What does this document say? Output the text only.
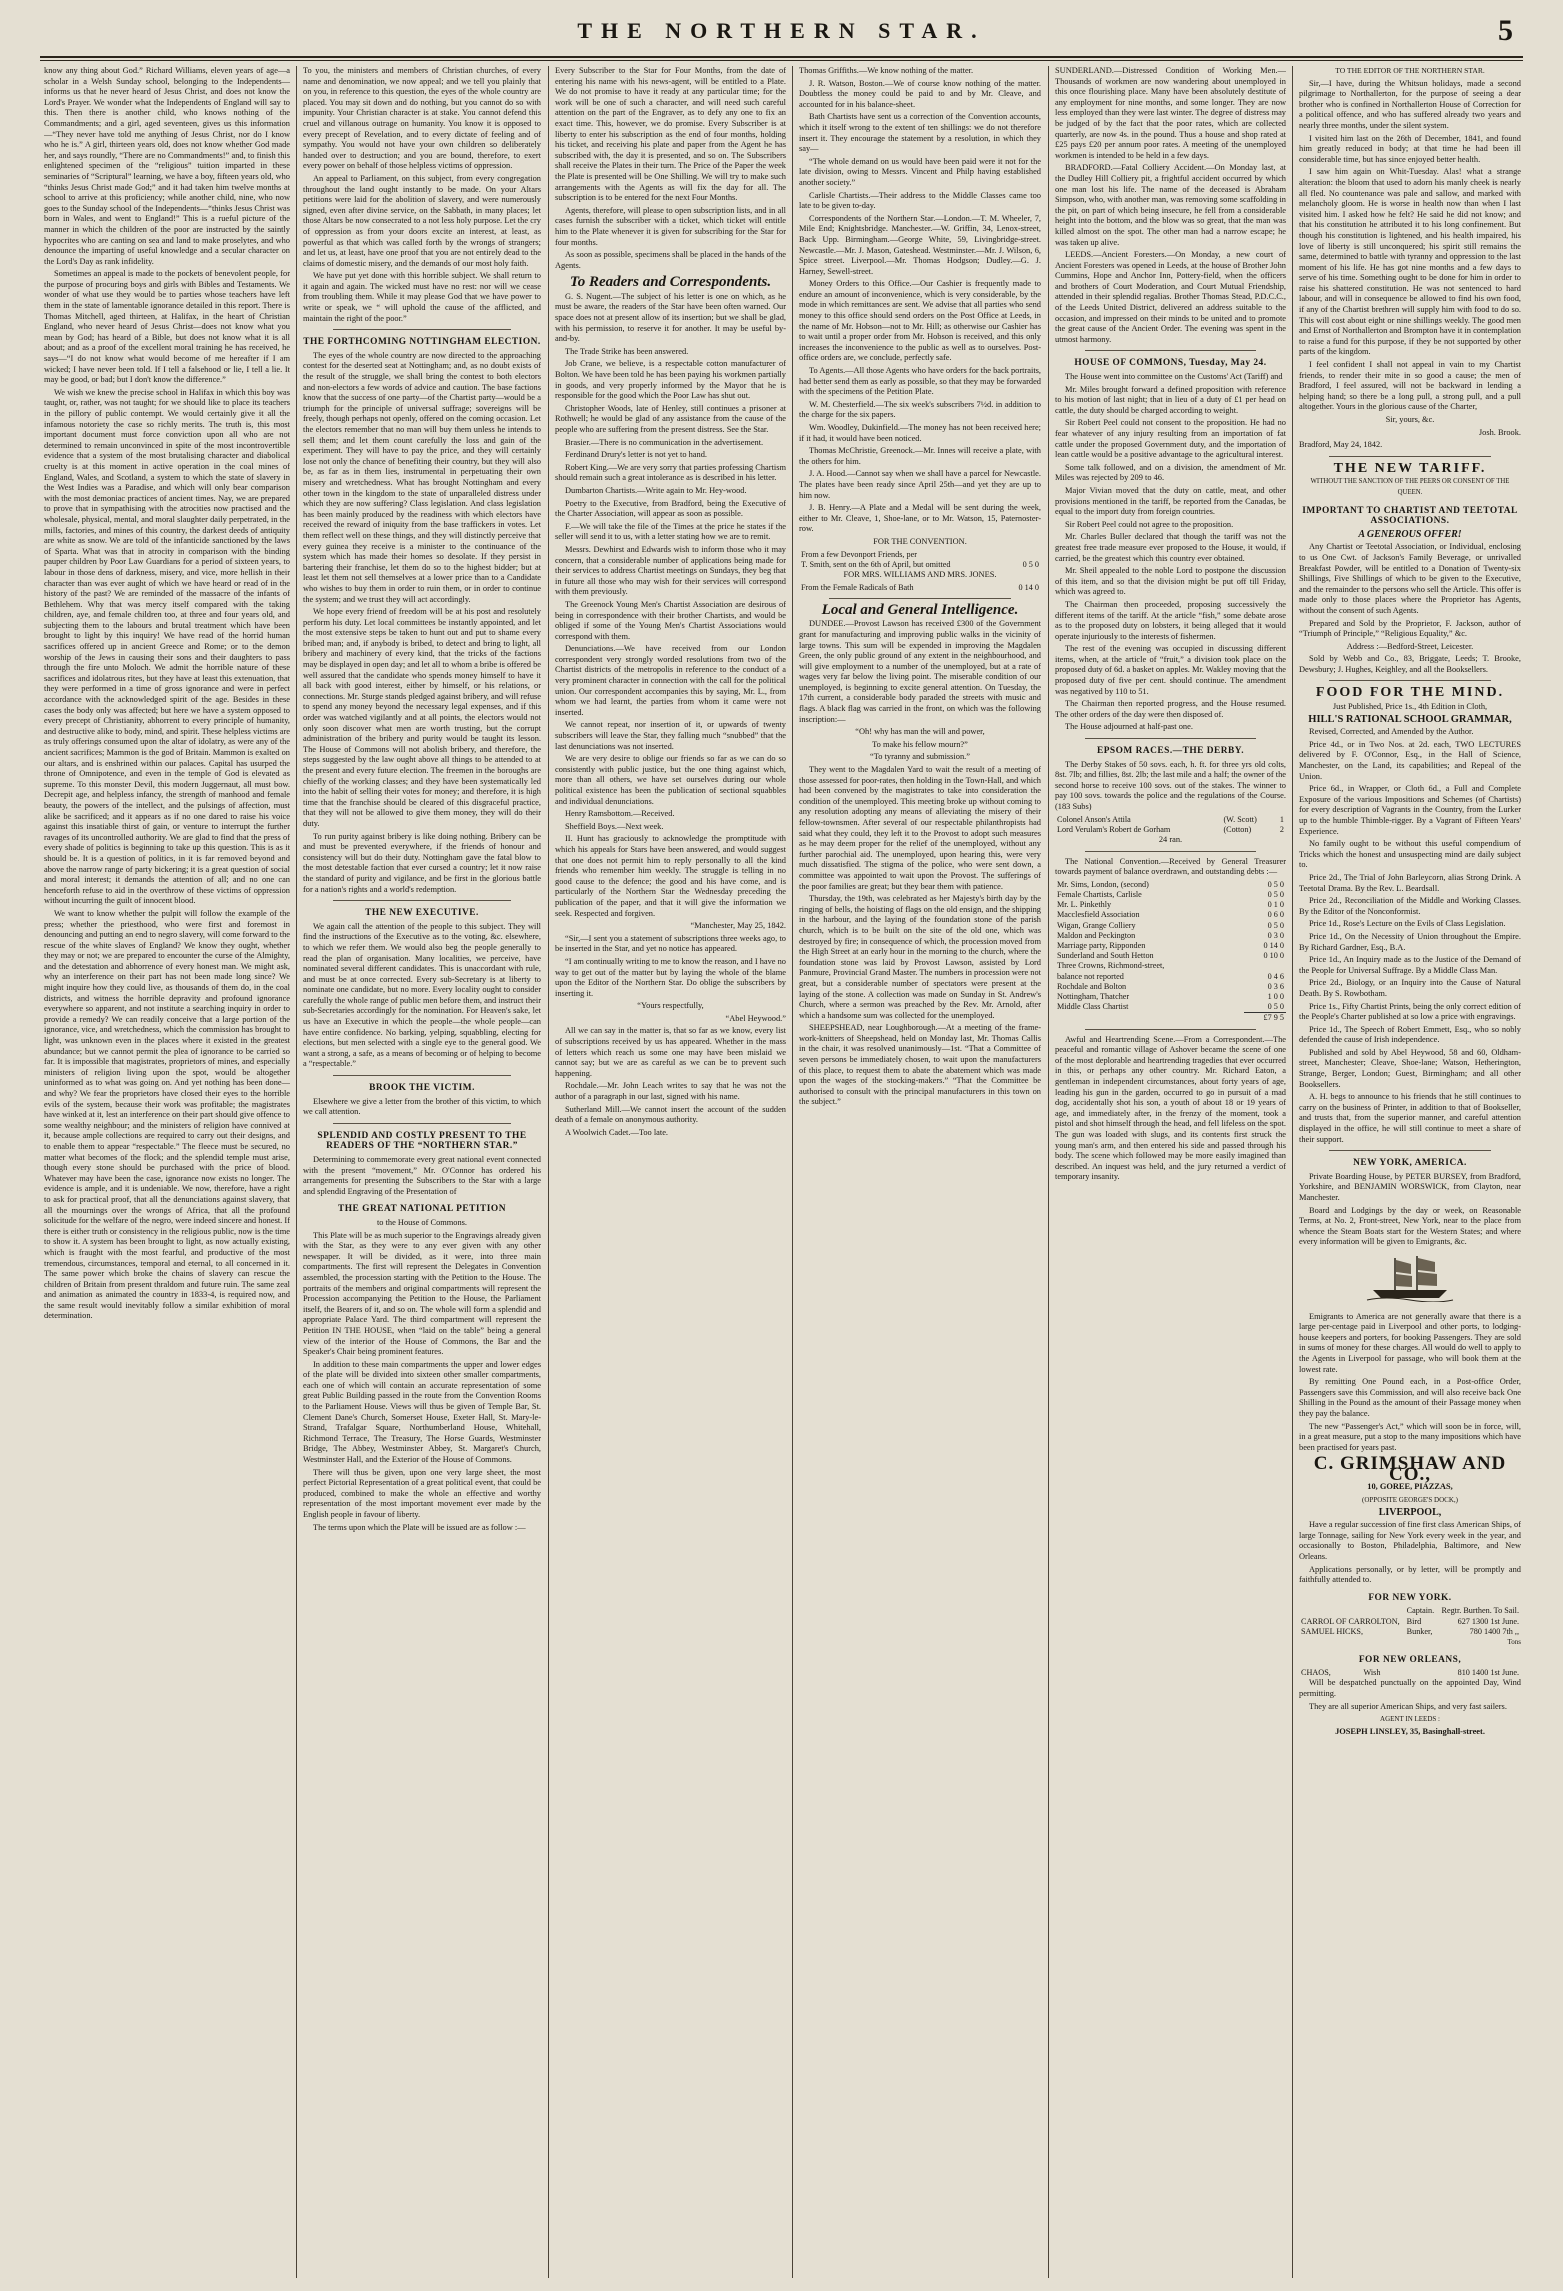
THE NORTHERN STAR.	5

know any thing about God.” Richard Williams, eleven years of age—a scholar in a Welsh Sunday school, belonging to the Independents—informs us that he never heard of Jesus Christ, and does not know the Lord's Prayer. We wonder what the Independents of England will say to this. Then there is another child, who knows nothing of the Commandments; and a girl, aged seventeen, gives us this information—“They never have told me anything of Jesus Christ, nor do I know who he is.” A girl, thirteen years old, does not know whether God made her, and says roundly, “There are no Commandments!” and, to finish this enlightened specimen of the “religious” tuition imparted in these seminaries of “Scriptural” learning, we have a boy, fifteen years old, who “thinks Jesus Christ made God;” and it had taken him twelve months at school to arrive at this proficiency; while another child, nine, who now goes to the Sunday school of the Independents—“thinks Jesus Christ was born in Wales, and went to England!” This is a rueful picture of the manner in which the children of the poor are instructed by the saintly hypocrites who are canting on sea and land to make proselytes, and who denounce the imparting of useful knowledge and a secular character on the Lord's Day as rank infidelity.

Sometimes an appeal is made to the pockets of benevolent people, for the purpose of procuring boys and girls with Bibles and Testaments. We wonder of what use they would be to parties whose teachers have left them in the state of lamentable ignorance detailed in this report. There is Thomas Mitchell, aged thirteen, at Halifax, in the heart of Christian England, who never heard of Jesus Christ—does not know what you mean by God; has heard of a Bible, but does not know what it is all about; and as a proof of the excellent moral training he has received, he says—“I do not know what would become of me hereafter if I am wicked; I have never been told. If I tell a falsehood or lie, I tell a lie. It may be good, or bad; but I don't know the difference.”

We wish we knew the precise school in Halifax in which this boy was taught, or, rather, was not taught; for we should like to place its teachers in the pillory of public contempt. We would certainly give it all the infamous notoriety the case so richly merits. The truth is, this most important document must force conviction upon all who are not determined to remain unconvinced in spite of the most incontrovertible evidence that a system of the most brutalising character and diabolical cruelty is at this moment in active operation in the coal mines of England, Wales, and Scotland, a system to which the state of slavery in the West Indies was a Paradise, and which will only bear comparison with the most demoniac practices of ancient times. Nay, we are prepared to prove that in sympathising with the atrocities now practised and the wholesale, physical, mental, and moral slaughter daily perpetrated, in the mills, factories, and mines of this country, the darkest deeds of antiquity are white as snow. We are told of the infanticide sanctioned by the laws of Sparta. What was that in atrocity in comparison with the binding pauper children by Poor Law Guardians for a period of sixteen years, to labour in those dens of darkness, misery, and vice, more hellish in their character than was ever aught of which we have heard or read of in the history of the past? We are reminded of the massacre of the infants of Bethlehem. Why that was mercy itself compared with the taking children, aye, and female children too, at three and four years old, and subjecting them to the labours and brutal treatment which have been brought to light by this inquiry! We have read of the horrid human sacrifices offered up in ancient Greece and Rome; or to the demon worship of the Jews in causing their sons and their daughters to pass through the fire unto Moloch. We admit the horrible nature of these sacrifices and idolatrous rites, but they have at least this extenuation, that they were performed in a time of gross ignorance and were in perfect accordance with the acknowledged spirit of the age. Besides in these cases the body only was affected; but here we have a system opposed to every precept of Christianity, abhorrent to every principle of humanity, and destructive alike to body, mind, and spirit. These helpless victims are as truly offerings consumed upon the altar of idolatry, as were any of the ancient sacrifices; Mammon is the god of Britain. Mammon is exalted on our altars, and is enshrined within our palaces. Capital has usurped the throne of Omnipotence, and even in the temple of God is elevated as supreme. To this monster Devil, this modern Juggernaut, all must bow. Decrepit age, and helpless infancy, the strength of manhood and female beauty, the powers of the intellect, and the pulsings of affection, must alike be sacrificed; and it appears as if no one dared to raise his voice against this insatiable thirst of gain, or venture to interrupt the further ravages of its uncontrolled authority. We are glad to find that the press of every shade of politics is beginning to take up this question. This is as it should be. It is a question of politics, in it is far removed beyond and above the narrow range of party bickering; it is a great question of social and moral interest; it demands the attention of all; and no one can henceforth refuse to aid in the overthrow of these victims of oppression without incurring the guilt of innocent blood.

We want to know whether the pulpit will follow the example of the press; whether the priesthood, who were first and foremost in denouncing and putting an end to negro slavery, will come forward to the rescue of the white slaves of England? We know they ought, whether they may or not; we are prepared to encounter the curse of the Almighty, and the detestation and abhorrence of every honest man. We might ask, why an interference on their part has not been made long since? We might inquire how they could live, as thousands of them do, in the coal districts, and witness the horrible depravity and profound ignorance everywhere so apparent, and not institute a searching inquiry in order to provide a remedy? We can readily conceive that a large portion of the ignorance, vice, and wretchedness, which the commission has brought to light, was unknown even in the places where it existed in the greatest abundance; but we cannot permit the plea of ignorance to be carried so far. It is impossible that magistrates, proprietors of mines, and especially ministers of religion living upon the spot, would be altogether uninformed as to what was going on. And yet nothing has been done—and why? We fear the proprietors have closed their eyes to the horrible evils of the system, because their work was profitable; the magistrates have winked at it, lest an interference on their part should give offence to some wealthy neighbour; and the ministers of religion have connived at it, because ample collections are required to carry out their designs, and to enable them to appear “respectable.” The fleece must be secured, no matter what becomes of the flock; and the splendid temple must arise, though every stone should be purchased with the price of blood. Whatever may have been the case, ignorance now exists no longer. The evidence is ample, and it is undeniable. We now, therefore, have a right to ask for practical proof, that all the denunciations against slavery, that all the mournings over the wrongs of Africa, that all the profound solicitude for the welfare of the negro, were indeed sincere and honest. If there is either truth or consistency in the religious public, now is the time to show it. A system has been brought to light, as now actually existing, which is fraught with the most fearful, and productive of the most tremendous, circumstances, temporal and eternal, to all concerned in it. The same power which broke the chains of slavery can rescue the children of Britain from present thraldom and future ruin. The same zeal and animation as animated the country in 1833-4, is required now, and the same result would inevitably follow a similar exhibition of moral determination.

To you, the ministers and members of Christian churches, of every name and denomination, we now appeal; and we tell you plainly that on you, in reference to this question, the eyes of the whole country are placed. You may sit down and do nothing, but you cannot do so with impunity. Your Christian character is at stake. You cannot defend this cruel and villanous outrage on humanity. You know it is opposed to every precept of Revelation, and to every dictate of feeling and of sympathy. You would not have your own children so deliberately handed over to destruction; and you are bound, therefore, to exert every power on behalf of those helpless victims of oppression.

An appeal to Parliament, on this subject, from every congregation throughout the land ought instantly to be made. On your Altars petitions were laid for the abolition of slavery, and were numerously signed, even after divine service, on the Sabbath, in many places; let those Altars be now consecrated to a not less holy purpose. Let the cry of oppression as from your doors excite an interest, at least, as powerful as that which was called forth by the wrongs of strangers; and let us, at least, have one proof that you are not entirely dead to the claims of domestic misery, and the demands of our most holy faith.

We have put yet done with this horrible subject. We shall return to it again and again. The wicked must have no rest: nor will we cease from troubling them. While it may please God that we have power to write or speak, we “ will uphold the cause of the afflicted, and maintain the right of the poor.”

THE FORTHCOMING NOTTINGHAM ELECTION.

The eyes of the whole country are now directed to the approaching contest for the deserted seat at Nottingham; and, as no doubt exists of the result of the struggle, we shall bring the contest to both electors and non-electors a few words of advice and caution. The base factions know that the success of one party—of the Chartist party—would be a triumph for the principle of universal suffrage; sovereigns will be freely, though perhaps not openly, offered on the coming occasion. Let the electors remember that no man will buy them unless he intends to sell them; and let them count carefully the loss and gain of the experiment. They will have to pay the price, and they will certainly lose not only the chance of benefiting their country, but they will also be, as far as in them lies, instrumental in perpetuating their own misery and wretchedness. What has brought Nottingham and every other town in the kingdom to the state of unparalleled distress under which they are now suffering? Class legislation. And class legislation has been mainly produced by the readiness with which electors have received the reward of iniquity from the base traffickers in votes. Let them reflect well on these things, and they will distinctly perceive that every guinea they receive is a minister to the continuance of the system which has made their homes so desolate. If they persist in bartering their franchise, let them do so to the highest bidder; but at least let them not sell themselves at a lower price than to a Candidate who wishes to buy them in order to ruin them, or in order to continue the system; and we trust they will act accordingly.

We hope every friend of freedom will be at his post and resolutely perform his duty. Let local committees be instantly appointed, and let the most extensive steps be taken to hunt out and put to shame every bribed man; and, if anybody is bribed, to detect and bring to light, all bribery and machinery of every kind, that the tricks of the factions may be displayed in open day; and let all to whom a bribe is offered be well assured that the candidate who spends money himself to have it all back with good interest, either by himself, or his relations, or connections. Mr. Sturge stands pledged against bribery, and will refuse to spend any money beyond the necessary legal expenses, and if this order was watched vigilantly and at all points, the electors would not only soon discover what men are worth trusting, but the corrupt administration of the bribery and purity would be taught its lesson. The House of Commons will not abolish bribery, and therefore, the steps suggested by the law ought above all things to be attended to at the present and every future election. The freemen in the boroughs are chiefly of the working classes; and they have been systematically led into the habit of selling their votes for money; and therefore, it is high time that the franchise should be cleared of this disgraceful practice, that they will not be allowed to give them money, they will do their duty.

To run purity against bribery is like doing nothing. Bribery can be and must be prevented everywhere, if the friends of honour and consistency will but do their duty. Nottingham gave the fatal blow to the most detestable faction that ever cursed a country; let it now raise the standard of purity and vigilance, and be first in the glorious battle for a nation's rights and a world's redemption.

THE NEW EXECUTIVE.

We again call the attention of the people to this subject. They will find the instructions of the Executive as to the voting, &c. elsewhere, to which we refer them. We would also beg the people generally to read the plan of organisation. Many localities, we perceive, have nominated several different candidates. This is unaccordant with rule, and must be at once corrected. Every sub-Secretary is at liberty to nominate one candidate, but no more. Every locality ought to consider carefully the whole range of public men before them, and instruct their sub-Secretaries accordingly for the nomination. For Heaven's sake, let us have an Executive in which the people—the whole people—can have entire confidence. No barking, yelping, squabbling, electing for elections, but men selected with a single eye to the general good. We want a strong, a safe, as a means of becoming or of helping to become a “respectable.”

BROOK THE VICTIM.

Elsewhere we give a letter from the brother of this victim, to which we call attention.

SPLENDID AND COSTLY PRESENT TO THE READERS OF THE “NORTHERN STAR.”

Determining to commemorate every great national event connected with the present “movement,” Mr. O'Connor has ordered his arrangements for presenting the Subscribers to the Star with a large and splendid Engraving of the Presentation of

THE GREAT NATIONAL PETITION

to the House of Commons.

This Plate will be as much superior to the Engravings already given with the Star, as they were to any ever given with any other newspaper. It will be divided, as it were, into three main compartments. The first will represent the Delegates in Convention assembled, the procession starting with the Petition to the House. The portraits of the members and original compartments will represent the Procession accompanying the Petition to the House, the Parliament itself, the Bearers of it, and so on. The whole will form a splendid and appropriate Palace Yard. The third compartment will represent the Petition IN THE HOUSE, when “laid on the table” being a general view of the interior of the House of Commons, the Bar and the Speaker's Chair being prominent features.

In addition to these main compartments the upper and lower edges of the plate will be divided into sixteen other smaller compartments, each one of which will contain an accurate representation of some great Public Building passed in the route from the Convention Rooms to the Parliament House. Views will thus be given of Temple Bar, St. Clement Dane's Church, Somerset House, Exeter Hall, St. Mary-le-Strand, Trafalgar Square, Northumberland House, Whitehall, Richmond Terrace, The Treasury, The Horse Guards, Westminster Bridge, The Abbey, Westminster Abbey, St. Margaret's Church, Westminster Hall, and the Exterior of the House of Commons.

There will thus be given, upon one very large sheet, the most perfect Pictorial Representation of a great political event, that could be produced, combined to make the whole an effective and worthy representation of the most important movement ever made by the English people in favour of liberty.

The terms upon which the Plate will be issued are as follow :—

Every Subscriber to the Star for Four Months, from the date of entering his name with his news-agent, will be entitled to a Plate. We do not promise to have it ready at any particular time; for the work will be one of such a character, and will need such careful attention on the part of the Engraver, as to defy any one to fix an exact time. This, however, we do promise. Every Subscriber is at liberty to enter his subscription as the end of four months, holding his ticket, and receiving his plate and paper from the Agent he has subscribed with, the day it is presented, and so on. The Subscribers shall receive the Plates in their turn. The Price of the Paper the week the Plate is presented will be One Shilling. We will try to make such arrangements with the Agents as will fix the day for all. The subscription is to be entered for the next Four Months.

Agents, therefore, will please to open subscription lists, and in all cases furnish the subscriber with a ticket, which ticket will entitle him to the Plate whenever it is given for subscribing for the Star for four months.

As soon as possible, specimens shall be placed in the hands of the Agents.

To Readers and Correspondents.

G. S. Nugent.—The subject of his letter is one on which, as he must be aware, the readers of the Star have been often warned. Our space does not at present allow of its insertion; but we shall be glad, with his permission, to reserve it for another. It may be useful by-and-by.

The Trade Strike has been answered.

Job Crane, we believe, is a respectable cotton manufacturer of Bolton. We have been told he has been paying his workmen partially in goods, and very properly informed by the Mayor that he is responsible for the good which the Poor Law has shut out.

Christopher Woods, late of Henley, still continues a prisoner at Rothwell; he would be glad of any assistance from the cause of the people who are suffering from the present distress. See the Star.

Brasier.—There is no communication in the advertisement.

Ferdinand Drury's letter is not yet to hand.

Robert King.—We are very sorry that parties professing Chartism should remain such a great intolerance as is described in his letter.

Dumbarton Chartists.—Write again to Mr. Hey-wood.

Poetry to the Executive, from Bradford, being the Executive of the Charter Association, will appear as soon as possible.

F.—We will take the file of the Times at the price he states if the seller will send it to us, with a letter stating how we are to remit.

Messrs. Dewhirst and Edwards wish to inform those who it may concern, that a considerable number of applications being made for their services to address Chartist meetings on Sundays, they beg that in future all those who may wish for their services will correspond with them previously.

The Greenock Young Men's Chartist Association are desirous of being in correspondence with their brother Chartists, and would be obliged if some of the Young Men's Chartist Associations would correspond with them.

Denunciations.—We have received from our London correspondent very strongly worded resolutions from two of the Chartist districts of the metropolis in reference to the conduct of a very prominent character in connection with the call for the political union. Our correspondent accompanies this by saying, Mr. L., from whom we had learnt, the parties from whom it came were not inserted.

We cannot repeat, nor insertion of it, or upwards of twenty subscribers will leave the Star, they falling much “snubbed” that the last denunciations was not inserted.

We are very desire to oblige our friends so far as we can do so consistently with public justice, but the one thing against which, more than all others, we have set ourselves during our whole political existence has been the publication of sectional squabbles and individual denunciations.

Henry Ramsbottom.—Received.

Sheffield Boys.—Next week.

II. Hunt has graciously to acknowledge the promptitude with which his appeals for Stars have been answered, and would suggest that one does not permit him to reply personally to all the kind friends who remember him weekly. The struggle is telling in no good cause to the defence; the good and his have come, and is particularly of the Northern Star the Wednesday preceding the publication of the paper, and that it will give the information we seek. Respected and forgiven.

“Manchester, May 25, 1842.

“Sir,—I sent you a statement of subscriptions three weeks ago, to be inserted in the Star, and yet no notice has appeared.

“I am continually writing to me to know the reason, and I have no way to get out of the matter but by laying the whole of the blame upon the Editor of the Northern Star. Do oblige the subscribers by inserting it.

“Yours respectfully,

“Abel Heywood.”

All we can say in the matter is, that so far as we know, every list of subscriptions received by us has appeared. Whether in the mass of letters which reach us some one may have been mislaid we cannot say; but we are as careful as we can be to prevent such happening.

Rochdale.—Mr. John Leach writes to say that he was not the author of a paragraph in our last, signed with his name.

Sutherland Mill.—We cannot insert the account of the sudden death of a female on anonymous authority.

A Woolwich Cadet.—Too late.

Thomas Griffiths.—We know nothing of the matter.

J. R. Watson, Boston.—We of course know nothing of the matter. Doubtless the money could be paid to and by Mr. Cleave, and accounted for in his balance-sheet.

Bath Chartists have sent us a correction of the Convention accounts, which it itself wrong to the extent of ten shillings: we do not therefore insert it. They encourage the statement by a resolution, in which they say—

“The whole demand on us would have been paid were it not for the late division, owing to Messrs. Vincent and Philp having established another society.”

Carlisle Chartists.—Their address to the Middle Classes came too late to be given to-day.

Correspondents of the Northern Star.—London.—T. M. Wheeler, 7, Mile End; Knightsbridge. Manchester.—W. Griffin, 34, Lenox-street, Back Upp. Birmingham.—George White, 59, Livingbridge-street. Newcastle.—Mr. J. Mason, Gateshead. Westminster.—Mr. J. Wilson, 6, Spice street. Liverpool.—Mr. Thomas Hodgson; Dudley.—G. J. Harney, Sewell-street.

Money Orders to this Office.—Our Cashier is frequently made to endure an amount of inconvenience, which is very considerable, by the mode in which remittances are sent. We advise that all parties who send money to this office should send orders on the Post Office at Leeds, in the name of Mr. Hobson—not to Mr. Hill; as otherwise our Cashier has to wait until a proper order from Mr. Hobson is received, and this only increases the inconvenience to the public as well as to ourselves. Post-office orders are, we conclude, perfectly safe.

To Agents.—All those Agents who have orders for the back portraits, had better send them as early as possible, so that they may be forwarded with the specimens of the Petition Plate.

W. M. Chesterfield.—The six week's subscribers 7½d. in addition to the charge for the six papers.

Wm. Woodley, Dukinfield.—The money has not been received here; if it had, it would have been noticed.

Thomas McChristie, Greenock.—Mr. Innes will receive a plate, with the others for him.

J. A. Hood.—Cannot say when we shall have a parcel for Newcastle. The plates have been ready since April 25th—and yet they are up to him now.

J. B. Henry.—A Plate and a Medal will be sent during the week, either to Mr. Cleave, 1, Shoe-lane, or to Mr. Watson, 15, Paternoster-row.

FOR THE CONVENTION.

From a few Devonport Friends, per	
T. Smith, sent on the 6th of April, but omitted	0 5 0

FOR MRS. WILLIAMS AND MRS. JONES.

From the Female Radicals of Bath	0 14 0
Local and General Intelligence.

DUNDEE.—Provost Lawson has received £300 of the Government grant for manufacturing and improving public walks in the vicinity of large towns. This sum will be expended in improving the Magdalen Green, the only public ground of any extent in the neighbourhood, and will give employment to a number of the unemployed, but at a rate of wages very far below the living point. The miserable condition of our unemployed, is beginning to excite general attention. On Tuesday, the 17th current, a considerable body paraded the streets with music and flags. A black flag was carried in the front, on which was the following inscription:—

“Oh! why has man the will and power,

To make his fellow mourn?”

“To tyranny and submission.”

They went to the Magdalen Yard to wait the result of a meeting of those assessed for poor-rates, then holding in the Town-Hall, and which had been convened by the magistrates to take into consideration the condition of the unemployed. This meeting broke up without coming to any resolution adopting any means of alleviating the misery of their fellow-townsmen. After several of our respectable philanthropists had said what they could, they left it to the Provost to adopt such measures as he may deem proper for the relief of the unemployed, without any further parochial aid. The unemployed, upon hearing this, were very much dissatisfied. The stigma of the police, who were sent down, a committee was appointed to wait upon the Provost. The sufferings of the poor families are great; but they bear them with patience.

Thursday, the 19th, was celebrated as her Majesty's birth day by the ringing of bells, the hoisting of flags on the old ensign, and the shipping in the harbour, and the laying of the foundation stone of the parish church, which is to be built on the site of the old one, which was destroyed by fire; in consequence of which, the procession moved from the High Street at an early hour in the morning to the church, where the foundation stone was laid by Provost Lawson, assisted by Lord Panmure, Provincial Grand Master. The numbers in procession were not great, but a considerable number of spectators were present at the laying of the stone. A collection was made on Sunday in St. Andrew's Church, where a sermon was preached by the Rev. Mr. Arnold, after which a handsome sum was collected for the unemployed.

SHEEPSHEAD, near Loughborough.—At a meeting of the frame-work-knitters of Sheepshead, held on Monday last, Mr. Thomas Callis in the chair, it was resolved unanimously—1st. “That a Committee of seven persons be immediately chosen, to wait upon the manufacturers of this place, to request them to abate the abatement which was made upon the wages of the stocking-makers.” “That the Committee be authorised to consult with the principal manufacturers in this town on the subject.”

SUNDERLAND.—Distressed Condition of Working Men.—Thousands of workmen are now wandering about unemployed in this once flourishing place. Many have been absolutely destitute of any employment for nine months, and some longer. They are now less employed than they were last winter. The degree of distress may be judged of by the fact that the poor rates, which are collected quarterly, are now 4s. in the pound. Thus a house and shop rated at £25 pays £20 per annum poor rates. A meeting of the unemployed workmen is intended to be held in a few days.

BRADFORD.—Fatal Colliery Accident.—On Monday last, at the Dudley Hill Colliery pit, a frightful accident occurred by which one man lost his life. The name of the deceased is Abraham Simpson, who, with another man, was removing some scaffolding in the pit, on part of which being insecure, he fell from a considerable height into the bottom, and the blow was so great, that the man was killed almost on the spot. The other man had a narrow escape; he was taken up alive.

LEEDS.—Ancient Foresters.—On Monday, a new court of Ancient Foresters was opened in Leeds, at the house of Brother John Cummins, Hope and Anchor Inn, Pottery-field, when the officers and brothers of Court Moderation, and Court Mutual Friendship, attended in their splendid regalias. Brother Thomas Stead, P.D.C.C., of the Leeds United District, delivered an address suitable to the occasion, and impressed on their minds to be united and to promote the great cause of the Ancient Order. The evening was spent in the utmost harmony.

HOUSE OF COMMONS, Tuesday, May 24.

The House went into committee on the Customs' Act (Tariff) and

Mr. Miles brought forward a defined proposition with reference to his motion of last night; that in lieu of a duty of £1 per head on cattle, the duty should be charged according to weight.

Sir Robert Peel could not consent to the proposition. He had no fear whatever of any injury resulting from an importation of fat cattle under the proposed Government duty, and the importation of lean cattle would be a positive advantage to the agricultural interest.

Some talk followed, and on a division, the amendment of Mr. Miles was rejected by 209 to 46.

Major Vivian moved that the duty on cattle, meat, and other provisions mentioned in the tariff, be reported from the Canadas, be equal to the import duty from foreign countries.

Sir Robert Peel could not agree to the proposition.

Mr. Charles Buller declared that though the tariff was not the greatest free trade measure ever proposed to the House, it would, if carried, be the greatest which this country ever obtained.

Mr. Sheil appealed to the noble Lord to postpone the discussion of this item, and so that the division might be put off till Friday, which was agreed to.

The Chairman then proceeded, proposing successively the different items of the tariff. At the article “fish,” some debate arose as to the proposed duty on lobsters, it being alleged that it would operate injuriously to the interests of fishermen.

The rest of the evening was occupied in discussing different items, when, at the article of “fruit,” a division took place on the proposed duty of 6d. a basket on apples. Mr. Wakley moving that the proposed duty of five per cent. should continue. The amendment was negatived by 110 to 51.

The Chairman then reported progress, and the House resumed. The other orders of the day were then disposed of.

The House adjourned at half-past one.

EPSOM RACES.—THE DERBY.

The Derby Stakes of 50 sovs. each, h. ft. for three yrs old colts, 8st. 7lb; and fillies, 8st. 2lb; the last mile and a half; the owner of the second horse to receive 100 sovs. out of the stakes. The winner to pay 100 sovs. towards the police and the regulations of the Course. (183 Subs)

Colonel Anson's Attila	(W. Scott)	1
Lord Verulam's Robert de Gorham	(Cotton)	2

24 ran.

The National Convention.—Received by General Treasurer towards payment of balance overdrawn, and outstanding debts :—

Mr. Sims, London, (second)	0 5 0
Female Chartists, Carlisle	0 5 0
Mr. L. Pinkethly	0 1 0
Macclesfield Association	0 6 0
Wigan, Grange Colliery	0 5 0
Maldon and Peckington	0 3 0
Marriage party, Ripponden	0 14 0
Sunderland and South Hetton	0 10 0
Three Crowns, Richmond-street,	
balance not reported	0 4 6
Rochdale and Bolton	0 3 6
Nottingham, Thatcher	1 0 0
Middle Class Chartist	0 5 0
	£7 9 5

Awful and Heartrending Scene.—From a Correspondent.—The peaceful and romantic village of Ashover became the scene of one of the most deplorable and heartrending tragedies that ever occurred in this, or perhaps any other country. Mr. Richard Eaton, a gentleman in independent circumstances, about forty years of age, leading his gun in the garden, occurred to go in pursuit of a mad dog, accidentally shot his son, a youth of about 18 or 19 years of age, and immediately after, in the frenzy of the moment, took a pistol and shot himself through the head, and fell lifeless on the spot. The gun was loaded with slugs, and its contents first struck the young man's arm, and then entered his side and passed through his body. The scene which followed may be more easily imagined than described. An inquest was held, and the jury returned a verdict of temporary insanity.

TO THE EDITOR OF THE NORTHERN STAR.

Sir,—I have, during the Whitsun holidays, made a second pilgrimage to Northallerton, for the purpose of seeing a dear brother who is confined in Northallerton House of Correction for a political offence, and who has suffered already two years and nearly three months, under the silent system.

I visited him last on the 26th of December, 1841, and found him greatly reduced in body; at that time he had been ill considerable time, but has since enjoyed better health.

I saw him again on Whit-Tuesday. Alas! what a strange alteration: the bloom that used to adorn his manly cheek is nearly all fled. No countenance was pale and sallow, and marked with melancholy gloom. He is worse in health now than when I last visited him. I asked how he felt? He said he did not know; and that his constitution he attributed it to his long confinement. But though his constitution is lightened, and his health impaired, his love of liberty is still unconquered; his spirit still remains the same, determined to battle with tyranny and oppression to the last moment of his life. He has got nine months and a few days to serve of his time. Something ought to be done for him in order to raise his shattered constitution. He was not sentenced to hard labour, and will in consequence be allowed to find his own food, if any of the Chartist brethren will supply him with food to do so. This will cost about eight or nine shillings weekly. The good men and Ernst of Northallerton and Brompton have it in contemplation to raise a fund for this purpose, if they be not supported by other parts of the kingdom.

I feel confident I shall not appeal in vain to my Chartist friends, to render their mite in so good a cause; the men of Bradford, I feel assured, will not be backward in lending a helping hand; so there be a long pull, a strong pull, and a pull altogether. Yours in the glorious cause of the Charter,

Sir, yours, &c.

Josh. Brook.

Bradford, May 24, 1842.

THE NEW TARIFF.

WITHOUT THE SANCTION OF THE PEERS OR CONSENT OF THE QUEEN.

IMPORTANT TO CHARTIST AND TEETOTAL ASSOCIATIONS.

A GENEROUS OFFER!

Any Chartist or Teetotal Association, or Individual, enclosing to us One Cwt. of Jackson's Family Beverage, or unrivalled Breakfast Powder, will be entitled to a Donation of Twenty-six Shillings, Five Shillings of which to be given to the Executive, and the remainder to the persons who sell the Article. This offer is made only to those places where the Proprietor has Agents, without the consent of such Agents.

Prepared and Sold by the Proprietor, F. Jackson, author of “Triumph of Principle,” “Religious Equality,” &c.

Address :—Bedford-Street, Leicester.

Sold by Webb and Co., 83, Briggate, Leeds; T. Brooke, Dewsbury; J. Hughes, Keighley, and all the Booksellers.

FOOD FOR THE MIND.

Just Published, Price 1s., 4th Edition in Cloth,

HILL'S RATIONAL SCHOOL GRAMMAR,

Revised, Corrected, and Amended by the Author.

Price 4d., or in Two Nos. at 2d. each, TWO LECTURES delivered by F. O'Connor, Esq., in the Hall of Science, Manchester, on the Land, its capabilities; and Repeal of the Union.

Price 6d., in Wrapper, or Cloth 6d., a Full and Complete Exposure of the various Impositions and Schemes (of Chartists) for every description of Vagrants in the Country, from the Lurker up to the humble Thimble-rigger. By a Vagrant of Fifteen Years' Experience.

No family ought to be without this useful compendium of Tricks which the honest and unsuspecting mind are daily subject to.

Price 2d., The Trial of John Barleycorn, alias Strong Drink. A Teetotal Drama. By the Rev. L. Beardsall.

Price 2d., Reconciliation of the Middle and Working Classes. By the Editor of the Nonconformist.

Price 1d., Rose's Lecture on the Evils of Class Legislation.

Price 1d., On the Necessity of Union throughout the Empire. By Richard Gardner, Esq., B.A.

Price 1d., An Inquiry made as to the Justice of the Demand of the People for Universal Suffrage. By a Middle Class Man.

Price 2d., Biology, or an Inquiry into the Cause of Natural Death. By S. Rowbotham.

Price 1s., Fifty Chartist Prints, being the only correct edition of the People's Charter published at so low a price with engravings.

Price 1d., The Speech of Robert Emmett, Esq., who so nobly defended the cause of Irish independence.

Published and sold by Abel Heywood, 58 and 60, Oldham-street, Manchester; Cleave, Shoe-lane; Watson, Hetherington, Strange, Berger, London; Guest, Birmingham; and all other Booksellers.

A. H. begs to announce to his friends that he still continues to carry on the business of Printer, in addition to that of Bookseller, and trusts that, from the superior manner, and careful attention displayed in the office, he will still continue to meet a share of their support.

NEW YORK, AMERICA.

Private Boarding House, by PETER BURSEY, from Bradford, Yorkshire, and BENJAMIN WORSWICK, from Clayton, near Manchester.

Board and Lodgings by the day or week, on Reasonable Terms, at No. 2, Front-street, New York, near to the place from whence the Steam Boats start for the Western States; and where every information will be given to Emigrants, &c.

Emigrants to America are not generally aware that there is a large per-centage paid in Liverpool and other ports, to lodging-house keepers and porters, for booking Passengers. They are sold in sums of money for these charges. All would do well to apply to the Agents in Liverpool for passage, who will book them at the lowest rate.

By remitting One Pound each, in a Post-office Order, Passengers save this Commission, and will also receive back One Shilling in the Pound as the amount of their Passage money when they pay the balance.

The new “Passenger's Act,” which will soon be in force, will, in a great measure, put a stop to the many impositions which have been practised for years past.

C. GRIMSHAW AND CO.,

10, GOREE, PIAZZAS,

(OPPOSITE GEORGE'S DOCK,)

LIVERPOOL,

Have a regular succession of fine first class American Ships, of large Tonnage, sailing for New York every week in the year, and occasionally to Boston, Philadelphia, Baltimore, and New Orleans.

Applications personally, or by letter, will be promptly and faithfully attended to.

FOR NEW YORK.
	Captain.	Regtr. Burthen. To Sail.
CARROL OF CARROLTON,	Bird	627 1300 1st June.
SAMUEL HICKS,	Bunker,	780 1400 7th ,,

Tons

FOR NEW ORLEANS,
CHAOS,	Wish	810 1400 1st June.

Will be despatched punctually on the appointed Day, Wind permitting.

They are all superior American Ships, and very fast sailers.

AGENT IN LEEDS :

JOSEPH LINSLEY, 35, Basinghall-street.
